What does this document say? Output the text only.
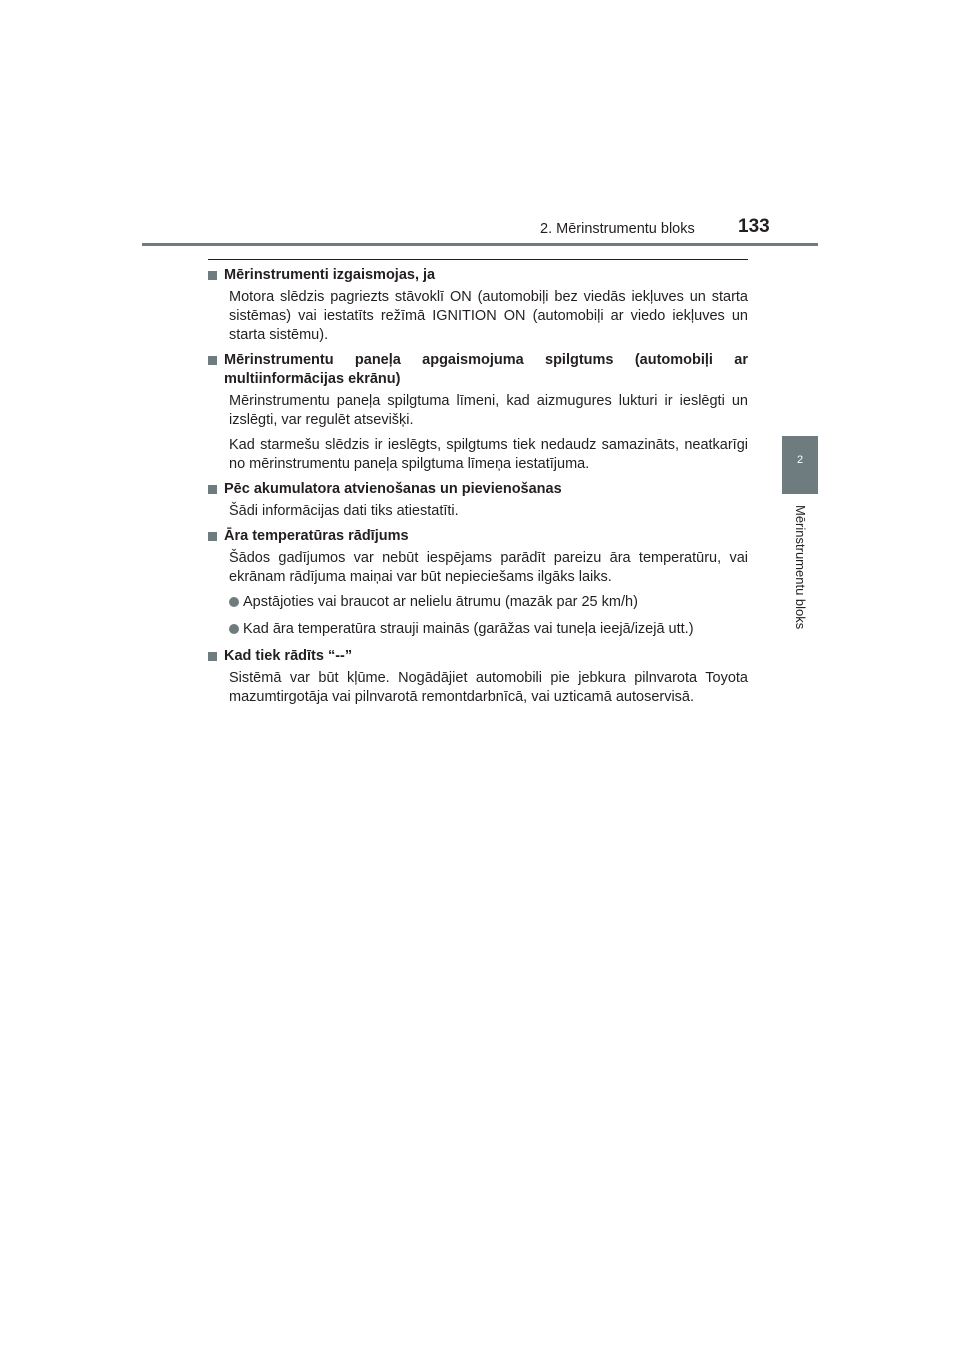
2. Mērinstrumentu bloks 133
2
Mērinstrumentu bloks
Mērinstrumenti izgaismojas, ja

Motora slēdzis pagriezts stāvoklī ON (automobiļi bez viedās iekļuves un starta sistēmas) vai iestatīts režīmā IGNITION ON (automobiļi ar viedo iekļuves un starta sistēmu).

Mērinstrumentu paneļa apgaismojuma spilgtums (automobiļi ar multiinformācijas ekrānu)

Mērinstrumentu paneļa spilgtuma līmeni, kad aizmugures lukturi ir ieslēgti un izslēgti, var regulēt atsevišķi.

Kad starmešu slēdzis ir ieslēgts, spilgtums tiek nedaudz samazināts, neatkarīgi no mērinstrumentu paneļa spilgtuma līmeņa iestatījuma.

Pēc akumulatora atvienošanas un pievienošanas

Šādi informācijas dati tiks atiestatīti.

Āra temperatūras rādījums

Šādos gadījumos var nebūt iespējams parādīt pareizu āra temperatūru, vai ekrānam rādījuma maiņai var būt nepieciešams ilgāks laiks.

Apstājoties vai braucot ar nelielu ātrumu (mazāk par 25 km/h)
Kad āra temperatūra strauji mainās (garāžas vai tuneļa ieejā/izejā utt.)
Kad tiek rādīts “--”

Sistēmā var būt kļūme. Nogādājiet automobili pie jebkura pilnvarota Toyota mazumtirgotāja vai pilnvarotā remontdarbnīcā, vai uzticamā autoservisā.
